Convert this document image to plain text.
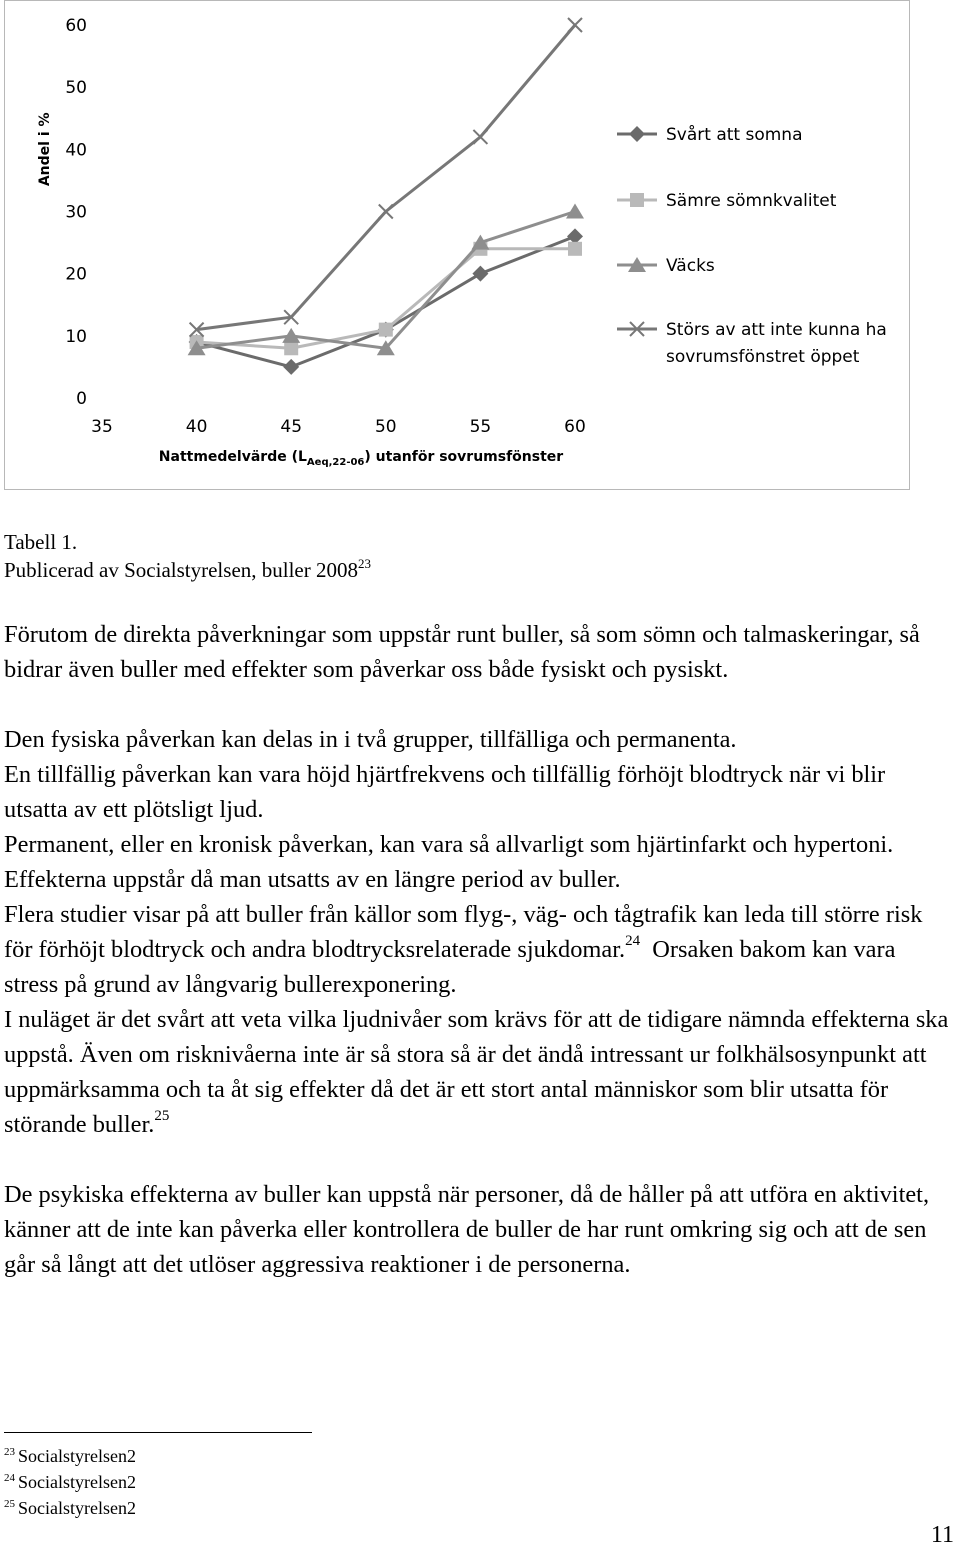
0
10
20
30
40
50
60
35	40	45	50	55	60
Andel i %
Nattmedelvärde $(L_{Aeq,22-06})$ utanför sovrumsfönster
Svårt att somna
Sämre sömnkvalitet
Väcks
Störs av att inte kunna ha
sovrumsfönstret öppet
Tabell 1.
Publicerad av Socialstyrelsen, buller 2008$^{23}$

Förutom de direkta påverkningar som uppstår runt buller, så som sömn och talmaskeringar, så bidrar även buller med effekter som påverkar oss både fysiskt och pysiskt.

Den fysiska påverkan kan delas in i två grupper, tillfälliga och permanenta.

En tillfällig påverkan kan vara höjd hjärtfrekvens och tillfällig förhöjt blodtryck när vi blir utsatta av ett plötsligt ljud.

Permanent, eller en kronisk påverkan, kan vara så allvarligt som hjärtinfarkt och hypertoni. Effekterna uppstår då man utsatts av en längre period av buller.

Flera studier visar på att buller från källor som flyg-, väg- och tågtrafik kan leda till större risk för förhöjt blodtryck och andra blodtrycksrelaterade sjukdomar.$^{24}$  Orsaken bakom kan vara stress på grund av långvarig bullerexponering.

I nuläget är det svårt att veta vilka ljudnivåer som krävs för att de tidigare nämnda effekterna ska uppstå. Även om risknivåerna inte är så stora så är det ändå intressant ur folkhälsosynpunkt att uppmärksamma och ta åt sig effekter då det är ett stort antal människor som blir utsatta för störande buller.$^{25}$

De psykiska effekterna av buller kan uppstå när personer, då de håller på att utföra en aktivitet, känner att de inte kan påverka eller kontrollera de buller de har runt omkring sig och att de sen går så långt att det utlöser aggressiva reaktioner i de personerna.

$^{23}$ Socialstyrelsen2
$^{24}$ Socialstyrelsen2
$^{25}$ Socialstyrelsen2
11
